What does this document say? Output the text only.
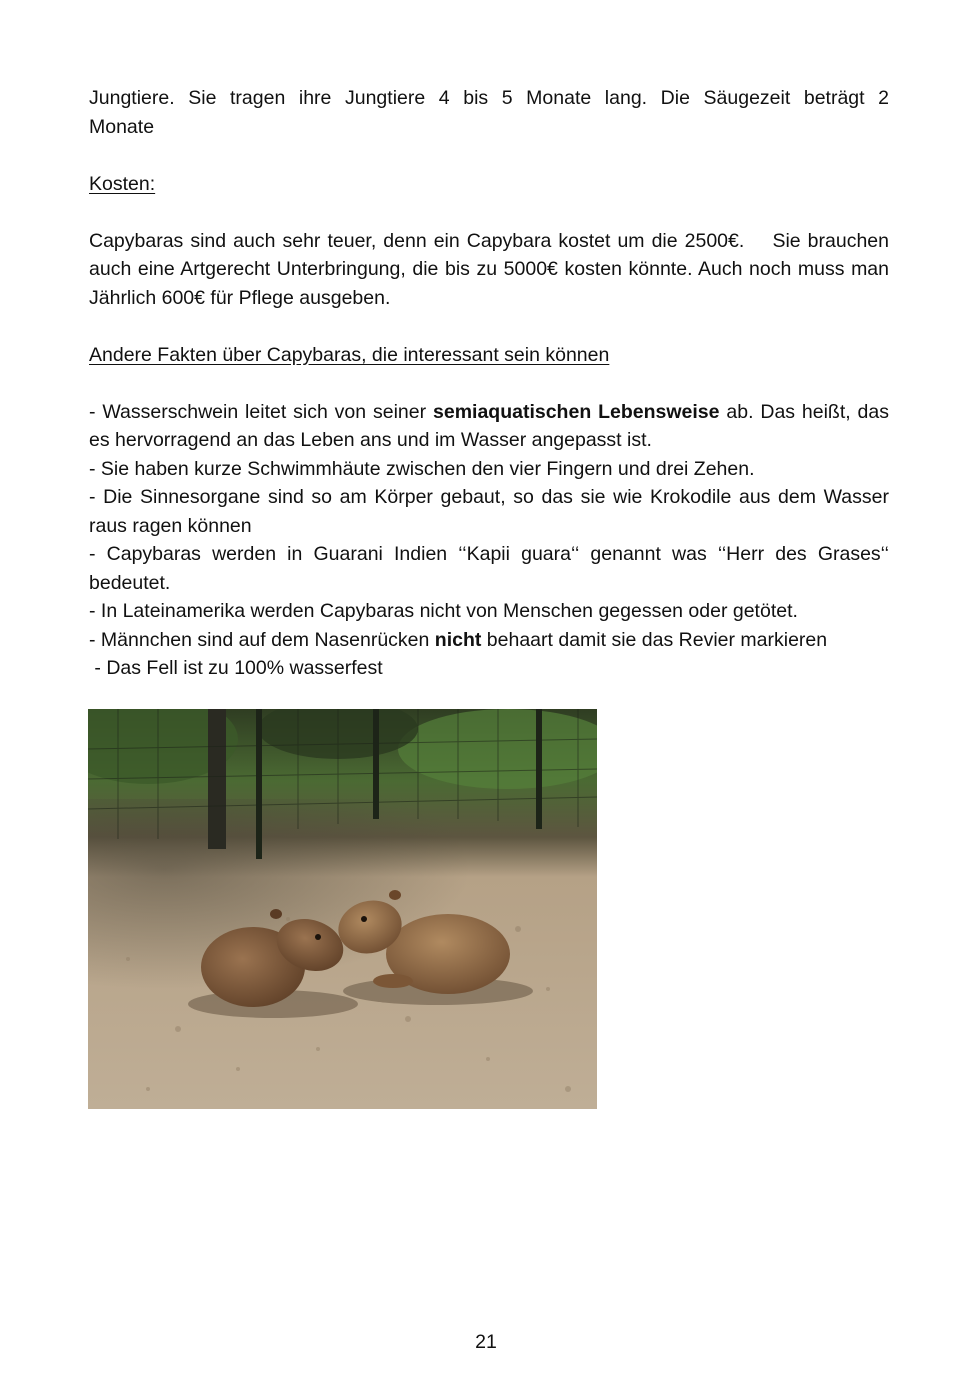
Jungtiere. Sie tragen ihre Jungtiere 4 bis 5 Monate lang. Die Säugezeit beträgt 2

Monate

Kosten:

Capybaras sind auch sehr teuer, denn ein Capybara kostet um die 2500€.    Sie brauchen auch eine Artgerecht Unterbringung, die bis zu 5000€ kosten könnte. Auch noch muss man Jährlich 600€ für Pflege ausgeben.

Andere Fakten über Capybaras, die interessant sein können

- Wasserschwein leitet sich von seiner semiaquatischen Lebensweise ab. Das heißt, das es hervorragend an das Leben ans und im Wasser angepasst ist.

- Sie haben kurze Schwimmhäute zwischen den vier Fingern und drei Zehen.

- Die Sinnesorgane sind so am Körper gebaut, so das sie wie Krokodile aus dem Wasser raus ragen können

- Capybaras werden in Guarani Indien ‘‘Kapii guara‘‘ genannt was ‘‘Herr des Grases‘‘ bedeutet.

- In Lateinamerika werden Capybaras nicht von Menschen gegessen oder getötet.

- Männchen sind auf dem Nasenrücken nicht behaart damit sie das Revier markieren

- Das Fell ist zu 100% wasserfest

21
